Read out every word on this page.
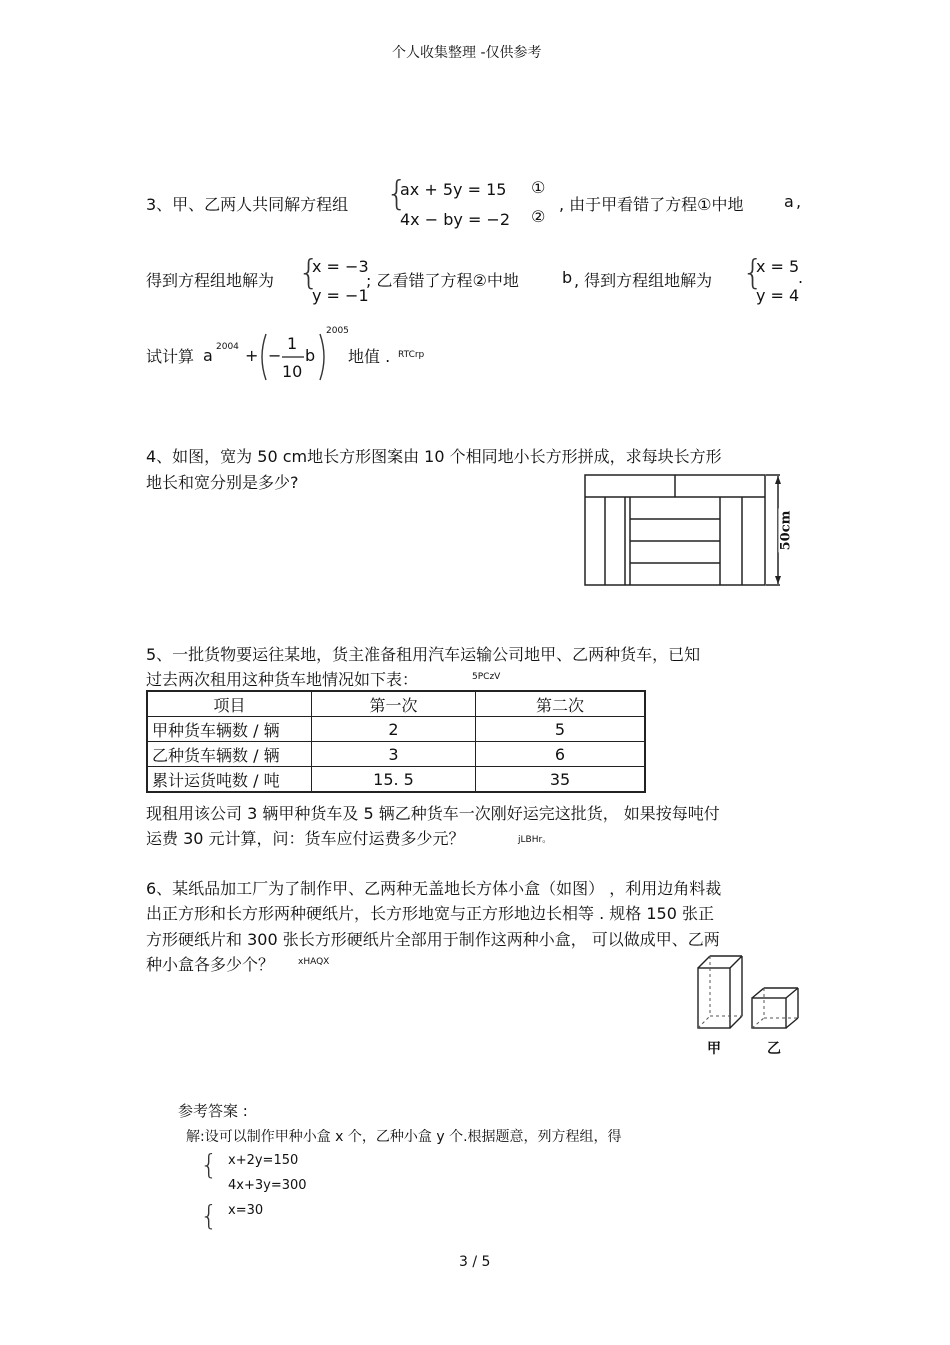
个人收集整理 -仅供参考
3、甲、乙两人共同解方程组 {
ax + 5y = 15
4x − by = −2
①
②
, 由于甲看错了方程①中地	a ,
得到方程组地解为 {
x = −3
y = −1
; 乙看错了方程②中地	b , 得到方程组地解为 {
x = 5
y = 4
.
试计算 a 2004 + −
1
10
b
2005
地值 . RTCrp
4、如图，宽为 50 cm地长方形图案由 10 个相同地小长方形拼成，求每块长方形
地长和宽分别是多少?
50cm
5、一批货物要运往某地，货主准备租用汽车运输公司地甲、乙两种货车，已知
过去两次租用这种货车地情况如下表：	5PCzV
项目	第一次	第二次
甲种货车辆数 / 辆	2	5
乙种货车辆数 / 辆	3	6
累计运货吨数 / 吨	15. 5	35
现租用该公司 3 辆甲种货车及 5 辆乙种货车一次刚好运完这批货， 如果按每吨付
运费 30 元计算，问：货车应付运费多少元？	jLBHr。
6、某纸品加工厂为了制作甲、乙两种无盖地长方体小盒（如图） ，利用边角料裁
出正方形和长方形两种硬纸片，长方形地宽与正方形地边长相等 . 规格 150 张正
方形硬纸片和 300 张长方形硬纸片全部用于制作这两种小盒， 可以做成甲、乙两
种小盒各多少个？	xHAQX
甲	乙
参考答案 :
解:设可以制作甲种小盒 x 个，乙种小盒 y 个.根据题意，列方程组，得
{ x+2y=150
4x+3y=300
{ x=30
3 / 5
